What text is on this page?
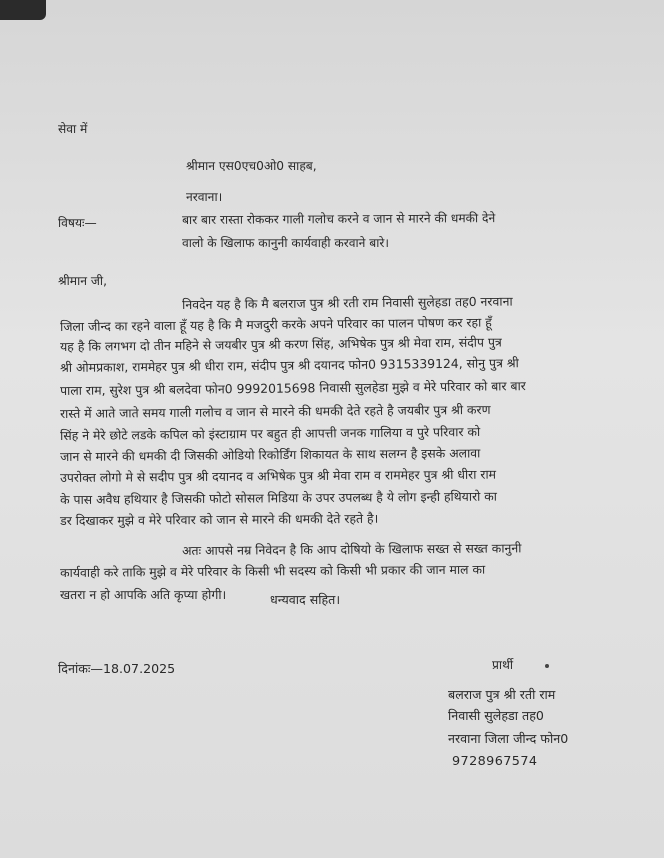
सेवा में
श्रीमान एस0एच0ओ0 साहब,
नरवाना।
विषयः—	बार बार रास्ता रोककर गाली गलोच करने व जान से मारने की धमकी देने
वालो के खिलाफ कानुनी कार्यवाही करवाने बारे।
श्रीमान जी,
निवदेन यह है कि मै बलराज पुत्र श्री रती राम निवासी सुलेहडा तह0 नरवाना
जिला जीन्द का रहने वाला हूँ यह है कि मै मजदुरी करके अपने परिवार का पालन पोषण कर रहा हूँ
यह है कि लगभग दो तीन महिने से जयबीर पुत्र श्री करण सिंह, अभिषेक पुत्र श्री मेवा राम, संदीप पुत्र
श्री ओमप्रकाश, राममेहर पुत्र श्री धीरा राम, संदीप पुत्र श्री दयानद फोन0 9315339124, सोनु पुत्र श्री
पाला राम, सुरेश पुत्र श्री बलदेवा फोन0 9992015698 निवासी सुलहेडा मुझे व मेरे परिवार को बार बार
रास्ते में आते जाते समय गाली गलोच व जान से मारने की धमकी देते रहते है जयबीर पुत्र श्री करण
सिंह ने मेरे छोटे लडके कपिल को इंस्टाग्राम पर बहुत ही आपत्ती जनक गालिया व पुरे परिवार को
जान से मारने की धमकी दी जिसकी ओडियो रिकोर्डिंग शिकायत के साथ सलग्न है इसके अलावा
उपरोक्त लोगो मे से सदीप पुत्र श्री दयानद व अभिषेक पुत्र श्री मेवा राम व राममेहर पुत्र श्री धीरा राम
के पास अवैध हथियार है जिसकी फोटो सोसल मिडिया के उपर उपलब्ध है ये लोग इन्ही हथियारो का
डर दिखाकर मुझे व मेरे परिवार को जान से मारने की धमकी देते रहते है।
अतः आपसे नम्र निवेदन है कि आप दोषियो के खिलाफ सख्त से सख्त कानुनी
कार्यवाही करे ताकि मुझे व मेरे परिवार के किसी भी सदस्य को किसी भी प्रकार की जान माल का
खतरा न हो आपकि अति कृप्या होगी।	धन्यवाद सहित।
दिनांकः—18.07.2025	प्रार्थी
बलराज पुत्र श्री रती राम
निवासी सुलेहडा तह0
नरवाना जिला जीन्द फोन0
9728967574
